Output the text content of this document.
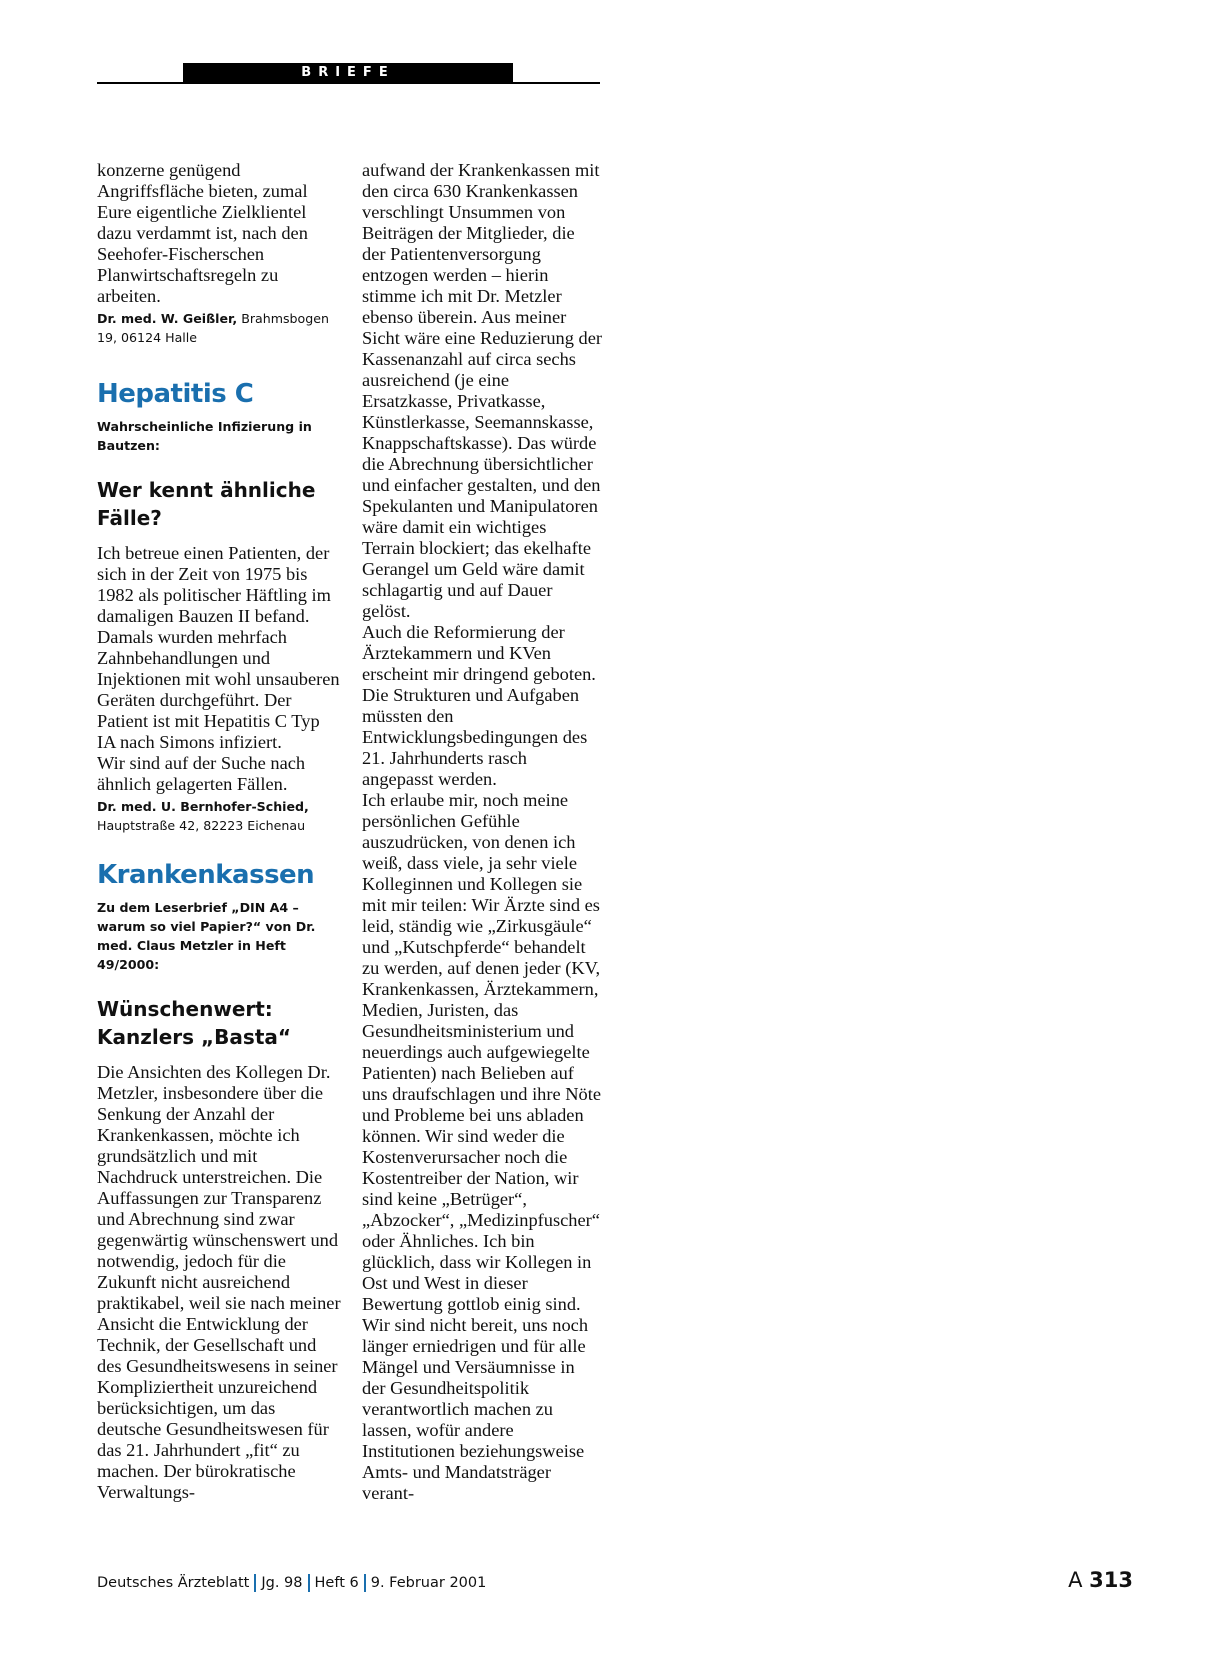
BRIEFE

konzerne genügend Angriffsfläche bieten, zumal Eure eigentliche Zielklientel dazu verdammt ist, nach den Seehofer-Fischerschen Planwirtschaftsregeln zu arbeiten.

Dr. med. W. Geißler, Brahmsbogen 19, 06124 Halle

Hepatitis C

Wahrscheinliche Infizierung in Bautzen:

Wer kennt ähnliche Fälle?

Ich betreue einen Patienten, der sich in der Zeit von 1975 bis 1982 als politischer Häftling im damaligen Bauzen II befand. Damals wurden mehrfach Zahnbehandlungen und Injektionen mit wohl unsauberen Geräten durchgeführt. Der Patient ist mit Hepatitis C Typ IA nach Simons infiziert.

Wir sind auf der Suche nach ähnlich gelagerten Fällen.

Dr. med. U. Bernhofer-Schied,
Hauptstraße 42, 82223 Eichenau

Krankenkassen

Zu dem Leserbrief „DIN A4 – warum so viel Papier?“ von Dr. med. Claus Metzler in Heft 49/2000:

Wünschenwert: Kanzlers „Basta“

Die Ansichten des Kollegen Dr. Metzler, insbesondere über die Senkung der Anzahl der Krankenkassen, möchte ich grundsätzlich und mit Nachdruck unterstreichen. Die Auffassungen zur Transparenz und Abrechnung sind zwar gegenwärtig wünschenswert und notwendig, jedoch für die Zukunft nicht ausreichend praktikabel, weil sie nach meiner Ansicht die Entwicklung der Technik, der Gesellschaft und des Gesundheitswesens in seiner Kompliziertheit unzureichend berücksichtigen, um das deutsche Gesundheitswesen für das 21. Jahrhundert „fit“ zu machen. Der bürokratische Verwaltungs-

aufwand der Krankenkassen mit den circa 630 Krankenkassen verschlingt Unsummen von Beiträgen der Mitglieder, die der Patientenversorgung entzogen werden – hierin stimme ich mit Dr. Metzler ebenso überein. Aus meiner Sicht wäre eine Reduzierung der Kassenanzahl auf circa sechs ausreichend (je eine Ersatzkasse, Privatkasse, Künstlerkasse, Seemannskasse, Knappschaftskasse). Das würde die Abrechnung übersichtlicher und einfacher gestalten, und den Spekulanten und Manipulatoren wäre damit ein wichtiges Terrain blockiert; das ekelhafte Gerangel um Geld wäre damit schlagartig und auf Dauer gelöst.

Auch die Reformierung der Ärztekammern und KVen erscheint mir dringend geboten. Die Strukturen und Aufgaben müssten den Entwicklungsbedingungen des 21. Jahrhunderts rasch angepasst werden.

Ich erlaube mir, noch meine persönlichen Gefühle auszudrücken, von denen ich weiß, dass viele, ja sehr viele Kolleginnen und Kollegen sie mit mir teilen: Wir Ärzte sind es leid, ständig wie „Zirkusgäule“ und „Kutschpferde“ behandelt zu werden, auf denen jeder (KV, Krankenkassen, Ärztekammern, Medien, Juristen, das Gesundheitsministerium und neuerdings auch aufgewiegelte Patienten) nach Belieben auf uns draufschlagen und ihre Nöte und Probleme bei uns abladen können. Wir sind weder die Kostenverursacher noch die Kostentreiber der Nation, wir sind keine „Betrüger“, „Abzocker“, „Medizinpfuscher“ oder Ähnliches. Ich bin glücklich, dass wir Kollegen in Ost und West in dieser Bewertung gottlob einig sind. Wir sind nicht bereit, uns noch länger erniedrigen und für alle Mängel und Versäumnisse in der Gesundheitspolitik verantwortlich machen zu lassen, wofür andere Institutionen beziehungsweise Amts- und Mandatsträger verant-

Deutsches Ärzteblatt Jg. 98 Heft 6 9. Februar 2001	A 313
